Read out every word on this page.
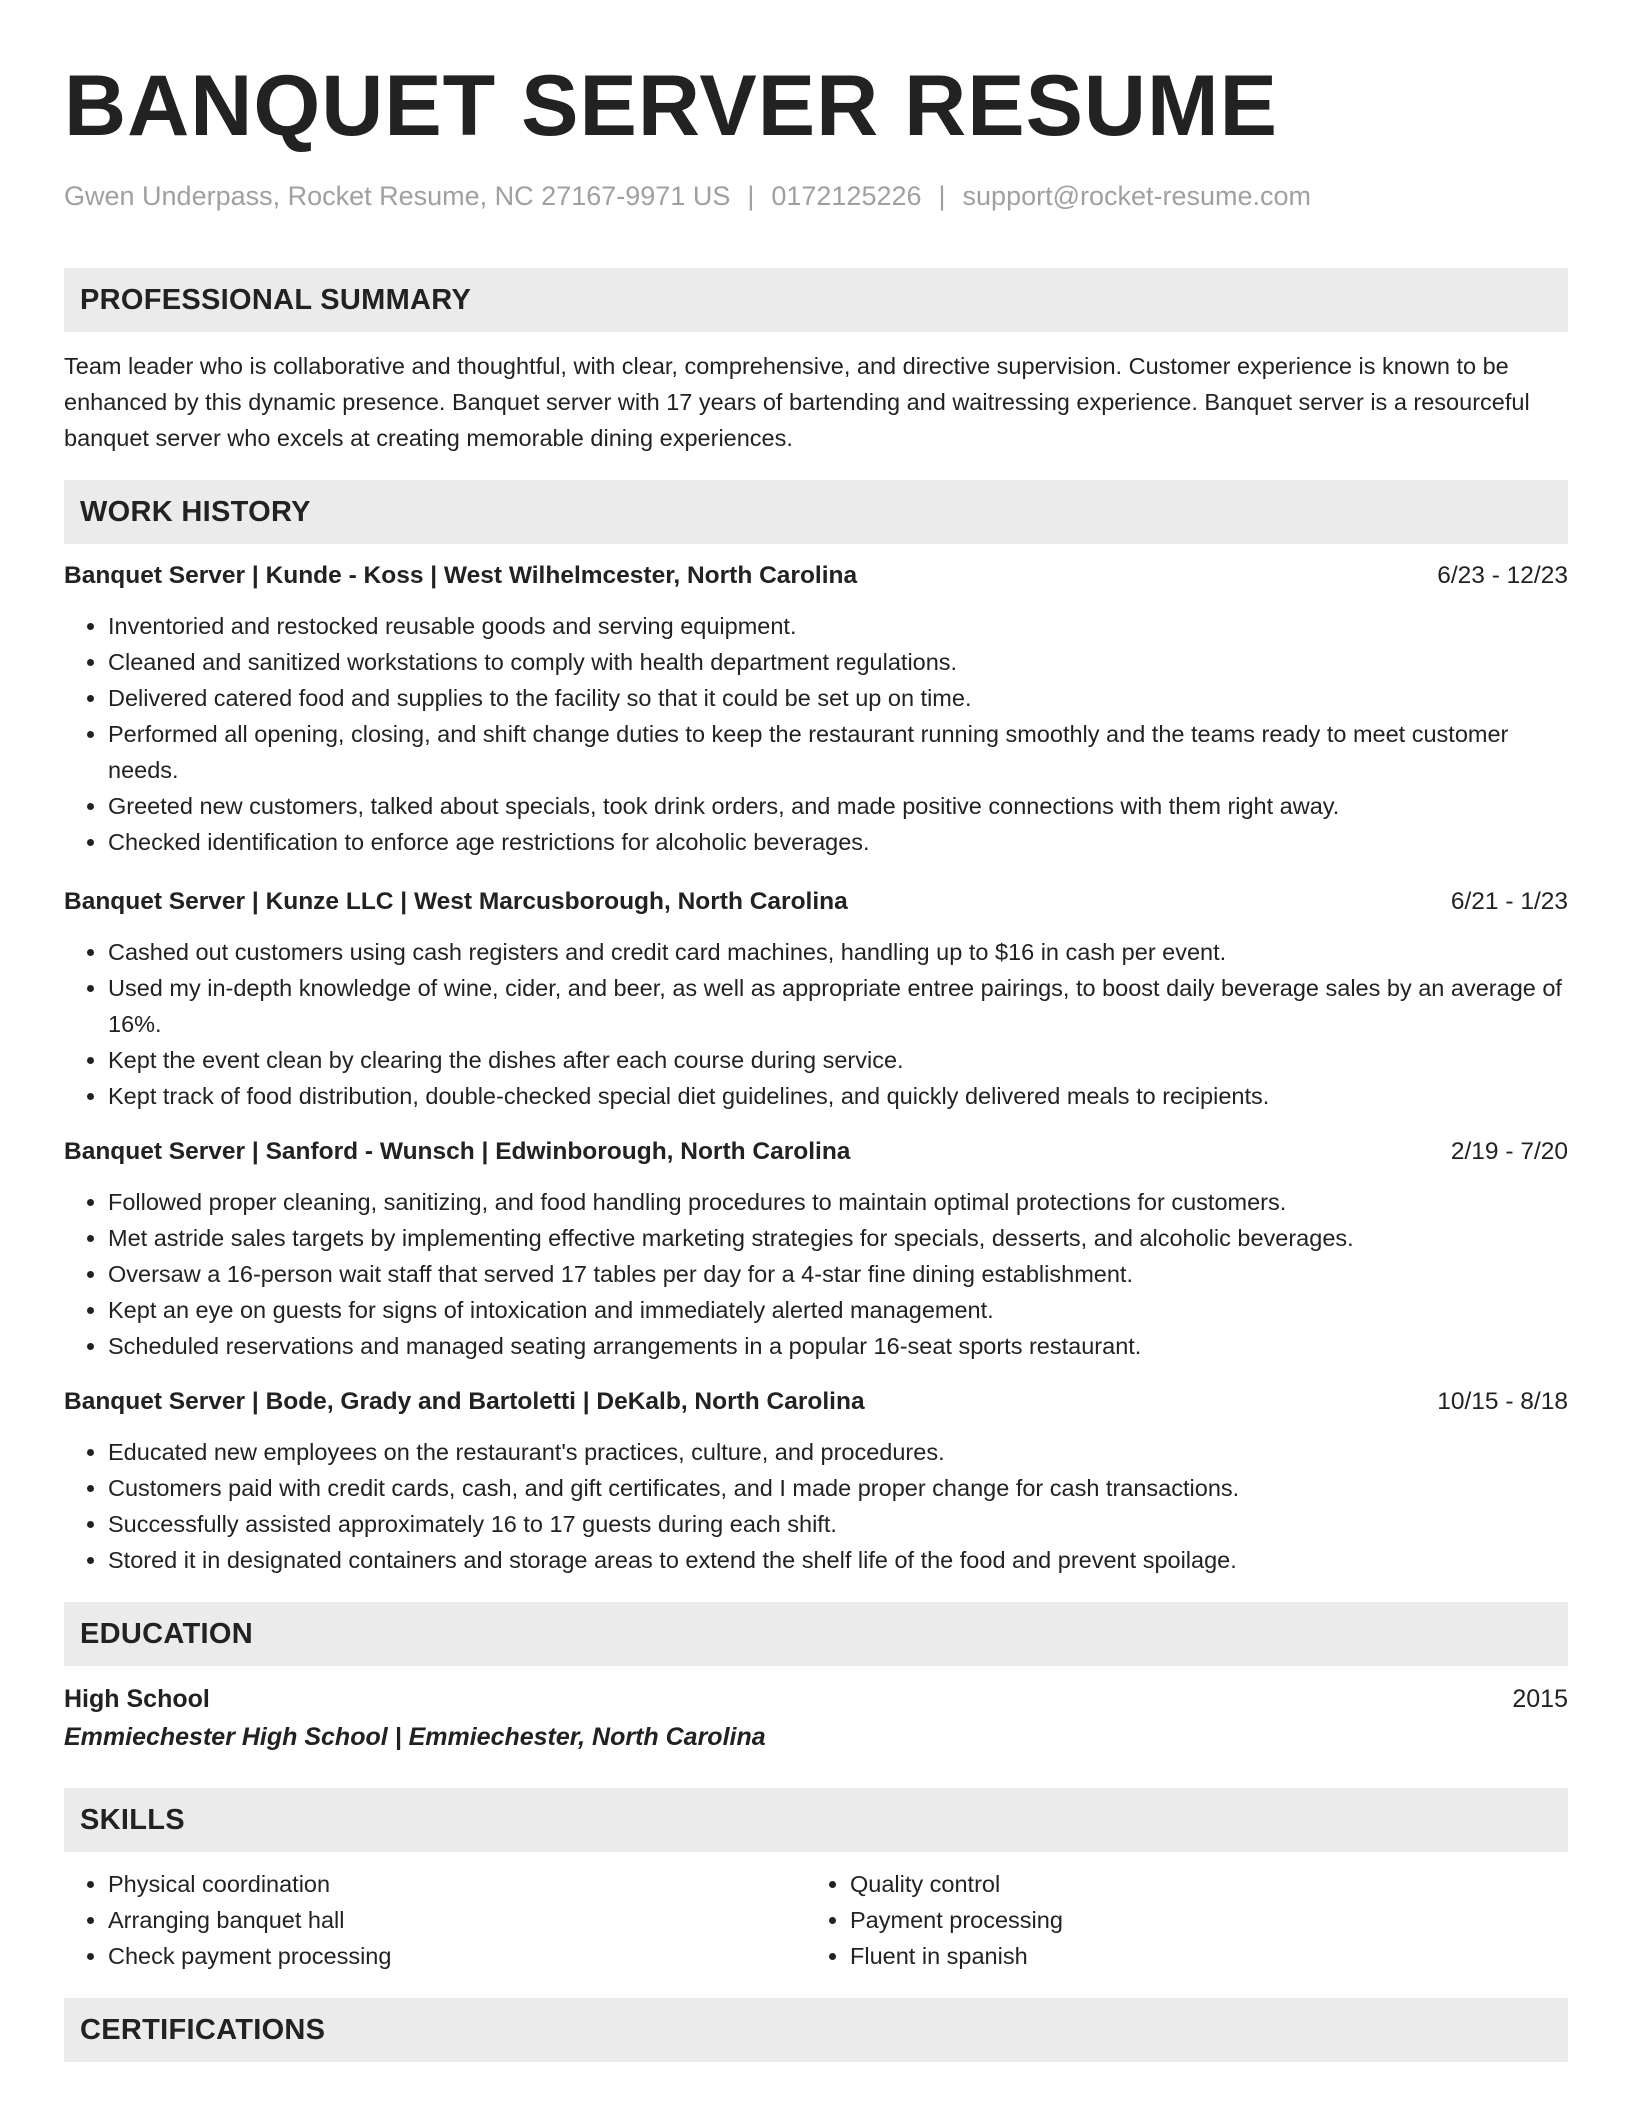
BANQUET SERVER RESUME
Gwen Underpass, Rocket Resume, NC 27167-9971 US | 0172125226 | support@rocket-resume.com
PROFESSIONAL SUMMARY

Team leader who is collaborative and thoughtful, with clear, comprehensive, and directive supervision. Customer experience is known to be enhanced by this dynamic presence. Banquet server with 17 years of bartending and waitressing experience. Banquet server is a resourceful banquet server who excels at creating memorable dining experiences.

WORK HISTORY
Banquet Server | Kunde - Koss | West Wilhelmcester, North Carolina	6/23 - 12/23
• Inventoried and restocked reusable goods and serving equipment.
• Cleaned and sanitized workstations to comply with health department regulations.
• Delivered catered food and supplies to the facility so that it could be set up on time.
• Performed all opening, closing, and shift change duties to keep the restaurant running smoothly and the teams ready to meet customer needs.
• Greeted new customers, talked about specials, took drink orders, and made positive connections with them right away.
• Checked identification to enforce age restrictions for alcoholic beverages.
Banquet Server | Kunze LLC | West Marcusborough, North Carolina	6/21 - 1/23
• Cashed out customers using cash registers and credit card machines, handling up to $16 in cash per event.
• Used my in-depth knowledge of wine, cider, and beer, as well as appropriate entree pairings, to boost daily beverage sales by an average of 16%.
• Kept the event clean by clearing the dishes after each course during service.
• Kept track of food distribution, double-checked special diet guidelines, and quickly delivered meals to recipients.
Banquet Server | Sanford - Wunsch | Edwinborough, North Carolina	2/19 - 7/20
• Followed proper cleaning, sanitizing, and food handling procedures to maintain optimal protections for customers.
• Met astride sales targets by implementing effective marketing strategies for specials, desserts, and alcoholic beverages.
• Oversaw a 16-person wait staff that served 17 tables per day for a 4-star fine dining establishment.
• Kept an eye on guests for signs of intoxication and immediately alerted management.
• Scheduled reservations and managed seating arrangements in a popular 16-seat sports restaurant.
Banquet Server | Bode, Grady and Bartoletti | DeKalb, North Carolina	10/15 - 8/18
• Educated new employees on the restaurant's practices, culture, and procedures.
• Customers paid with credit cards, cash, and gift certificates, and I made proper change for cash transactions.
• Successfully assisted approximately 16 to 17 guests during each shift.
• Stored it in designated containers and storage areas to extend the shelf life of the food and prevent spoilage.
EDUCATION
High School	2015
Emmiechester High School | Emmiechester, North Carolina
SKILLS
• Physical coordination
• Arranging banquet hall
• Check payment processing
• Quality control
• Payment processing
• Fluent in spanish
CERTIFICATIONS
